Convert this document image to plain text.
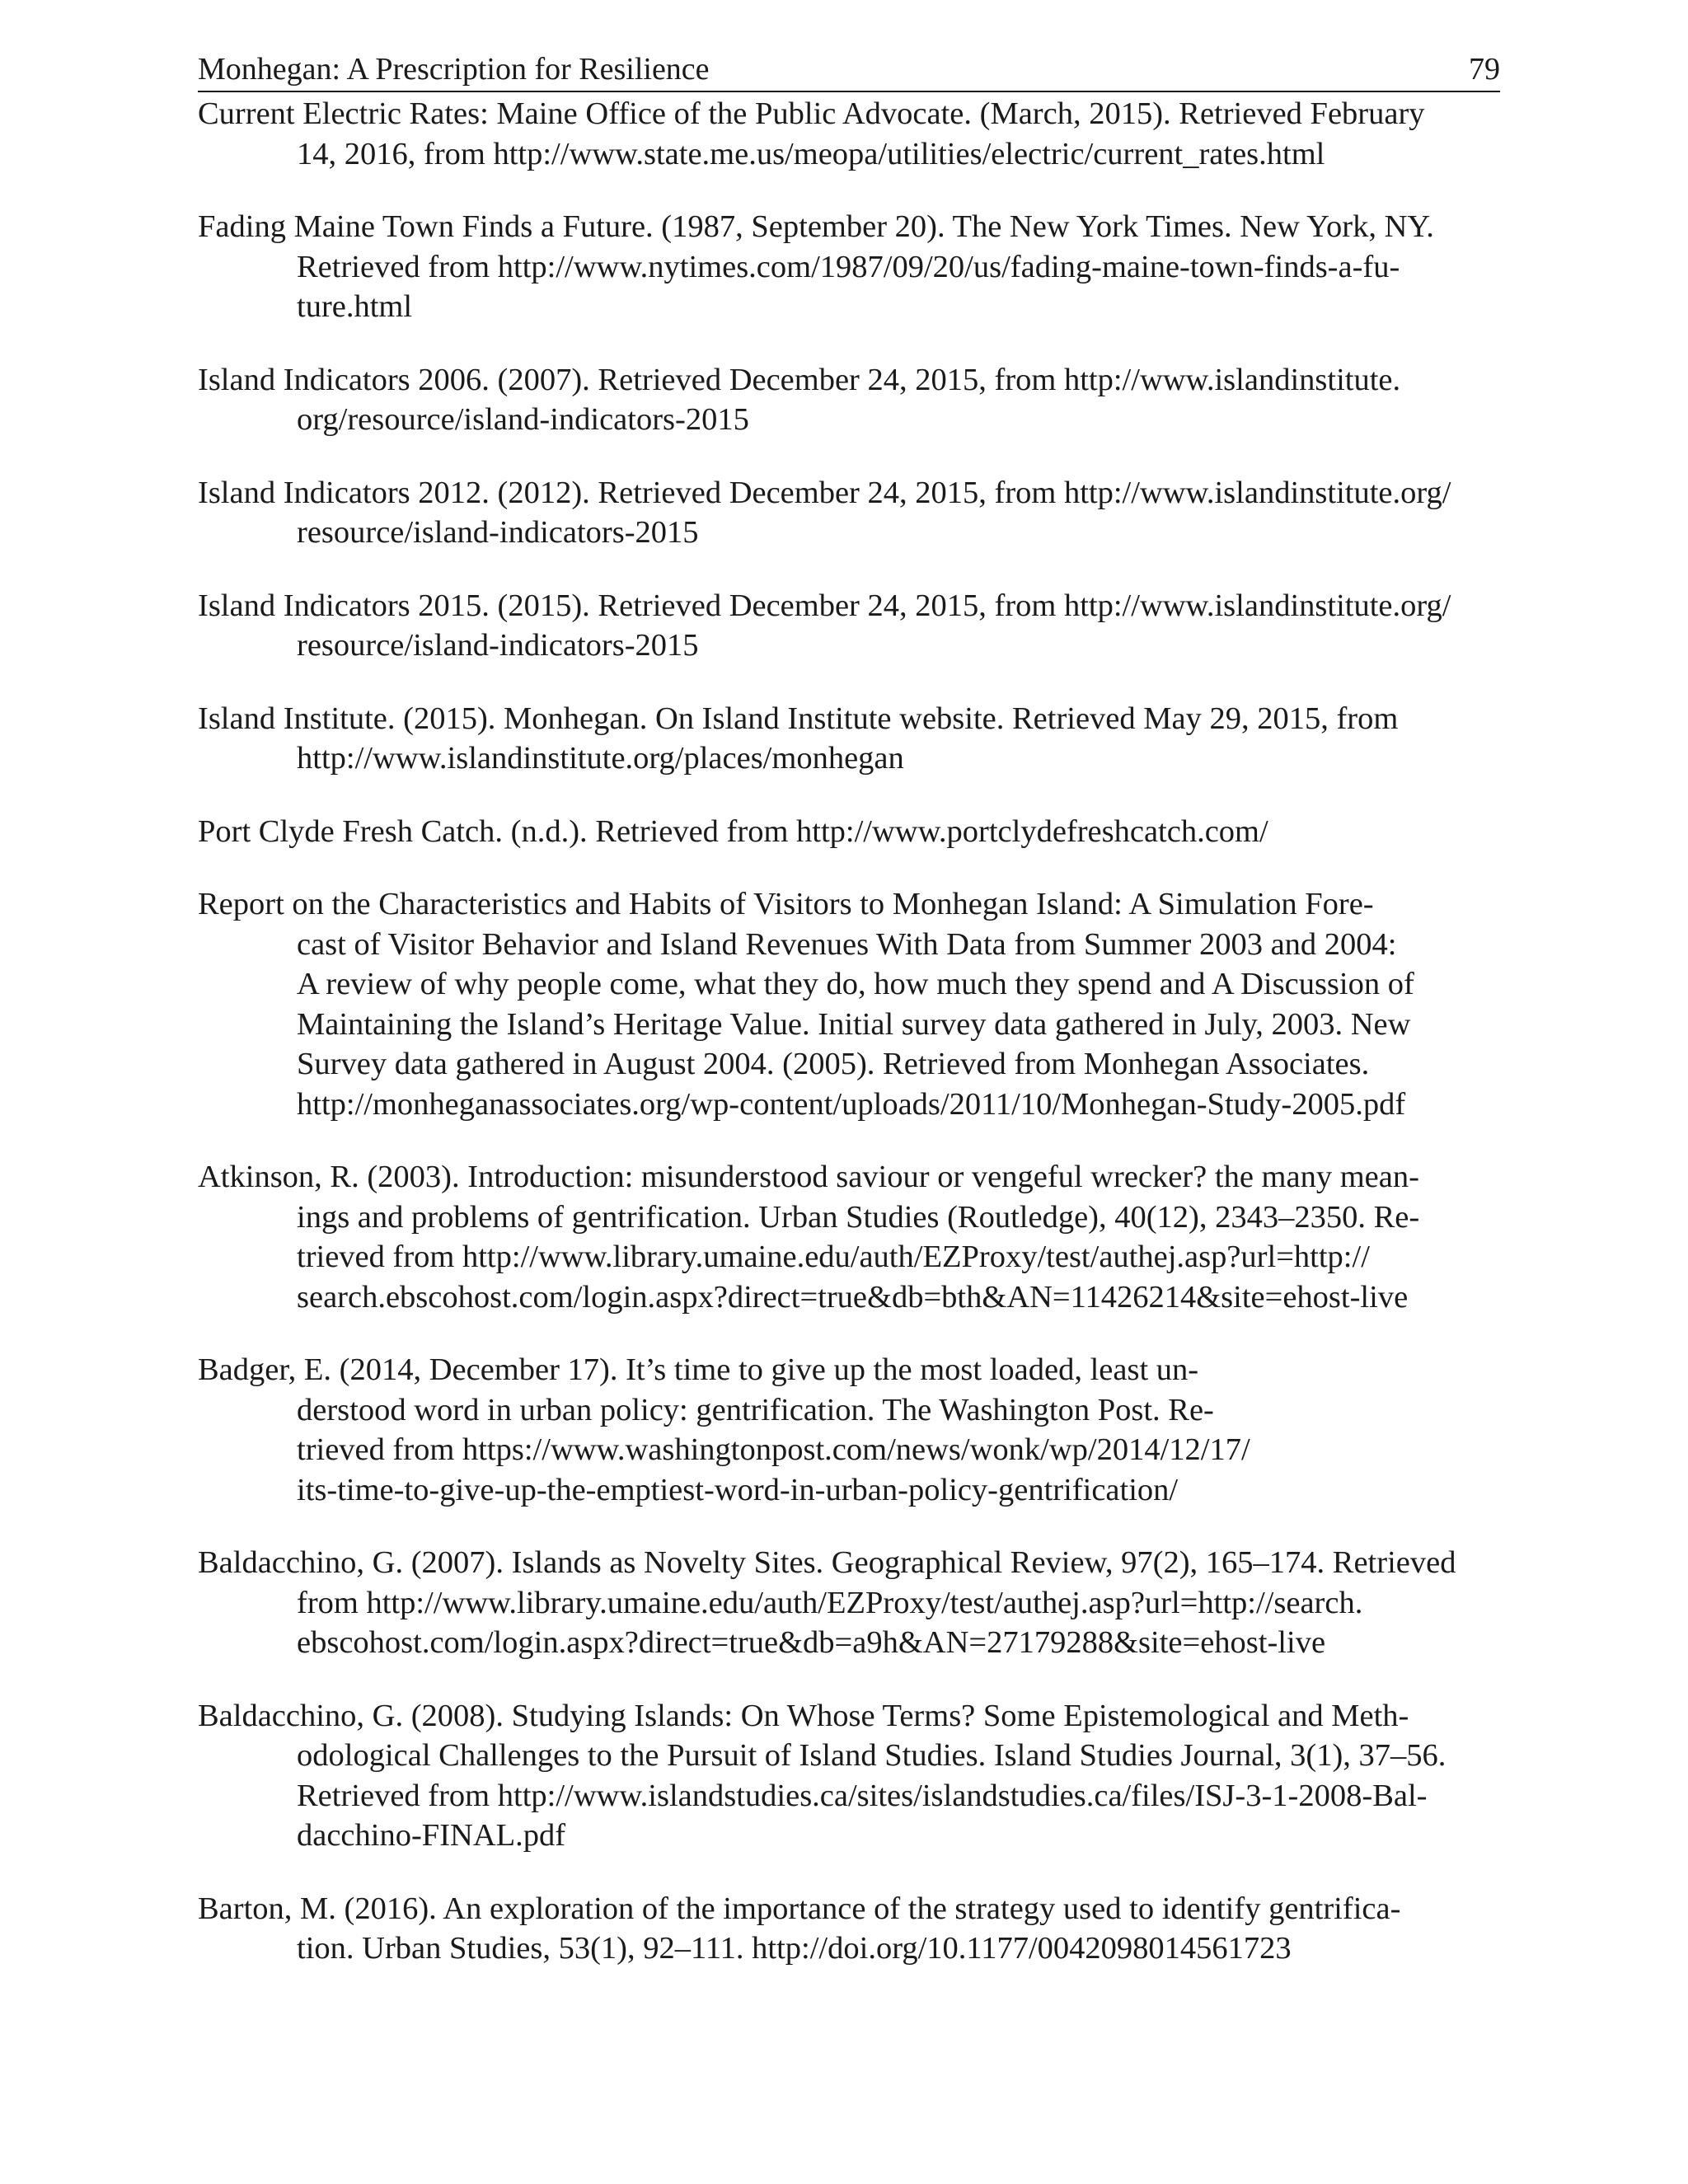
Monhegan: A Prescription for Resilience	79

Current Electric Rates: Maine Office of the Public Advocate. (March, 2015). Retrieved February
14, 2016, from http://www.state.me.us/meopa/utilities/electric/current_rates.html

Fading Maine Town Finds a Future. (1987, September 20). The New York Times. New York, NY.
Retrieved from http://www.nytimes.com/1987/09/20/us/fading-maine-town-finds-a-fu-
ture.html

Island Indicators 2006. (2007). Retrieved December 24, 2015, from http://www.islandinstitute.
org/resource/island-indicators-2015

Island Indicators 2012. (2012). Retrieved December 24, 2015, from http://www.islandinstitute.org/
resource/island-indicators-2015

Island Indicators 2015. (2015). Retrieved December 24, 2015, from http://www.islandinstitute.org/
resource/island-indicators-2015

Island Institute. (2015). Monhegan. On Island Institute website. Retrieved May 29, 2015, from
http://www.islandinstitute.org/places/monhegan

Port Clyde Fresh Catch. (n.d.). Retrieved from http://www.portclydefreshcatch.com/

Report on the Characteristics and Habits of Visitors to Monhegan Island: A Simulation Fore-
cast of Visitor Behavior and Island Revenues With Data from Summer 2003 and 2004:
A review of why people come, what they do, how much they spend and A Discussion of
Maintaining the Island’s Heritage Value. Initial survey data gathered in July, 2003. New
Survey data gathered in August 2004. (2005). Retrieved from Monhegan Associates.
http://monheganassociates.org/wp-content/uploads/2011/10/Monhegan-Study-2005.pdf

Atkinson, R. (2003). Introduction: misunderstood saviour or vengeful wrecker? the many mean-
ings and problems of gentrification. Urban Studies (Routledge), 40(12), 2343–2350. Re-
trieved from http://www.library.umaine.edu/auth/EZProxy/test/authej.asp?url=http://
search.ebscohost.com/login.aspx?direct=true&db=bth&AN=11426214&site=ehost-live

Badger, E. (2014, December 17). It’s time to give up the most loaded, least un-
derstood word in urban policy: gentrification. The Washington Post. Re-
trieved from https://www.washingtonpost.com/news/wonk/wp/2014/12/17/
its-time-to-give-up-the-emptiest-word-in-urban-policy-gentrification/

Baldacchino, G. (2007). Islands as Novelty Sites. Geographical Review, 97(2), 165–174. Retrieved
from http://www.library.umaine.edu/auth/EZProxy/test/authej.asp?url=http://search.
ebscohost.com/login.aspx?direct=true&db=a9h&AN=27179288&site=ehost-live

Baldacchino, G. (2008). Studying Islands: On Whose Terms? Some Epistemological and Meth-
odological Challenges to the Pursuit of Island Studies. Island Studies Journal, 3(1), 37–56.
Retrieved from http://www.islandstudies.ca/sites/islandstudies.ca/files/ISJ-3-1-2008-Bal-
dacchino-FINAL.pdf

Barton, M. (2016). An exploration of the importance of the strategy used to identify gentrifica-
tion. Urban Studies, 53(1), 92–111. http://doi.org/10.1177/0042098014561723
